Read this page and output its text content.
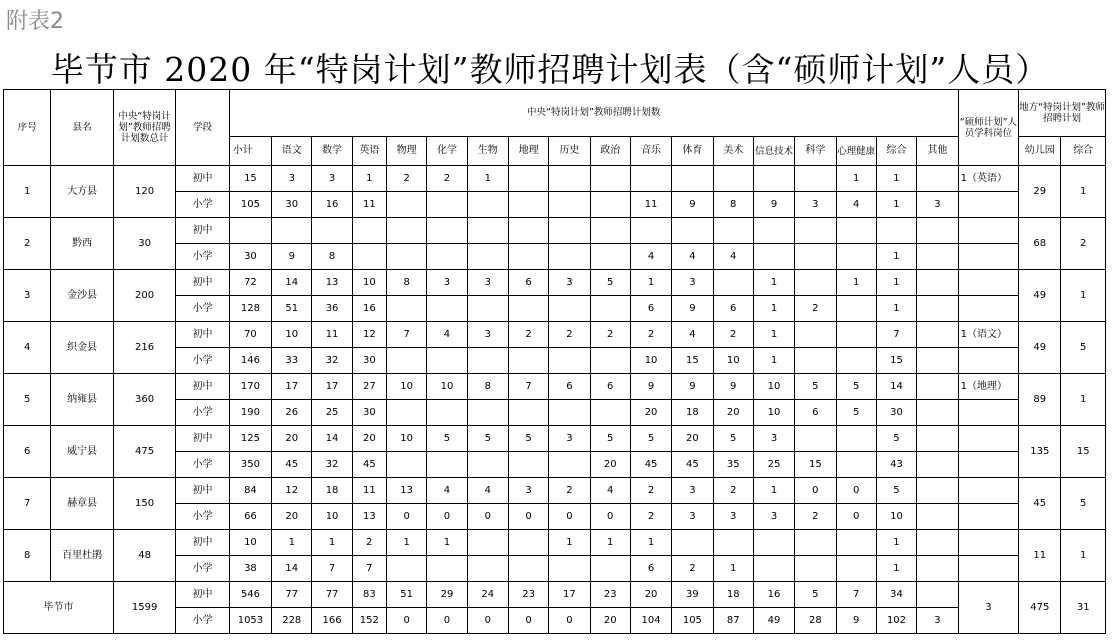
附表2
毕节市 2020 年“特岗计划”教师招聘计划表（含“硕师计划”人员）
序号	县名	中央“特岗计划”教师招聘计划数总计	学段	中央“特岗计划”教师招聘计划数																		“硕师计划”人员学科岗位	地方“特岗计划”教师招聘计划	
				小计	语文	数学	英语	物理	化学	生物	地理	历史	政治	音乐	体育	美术	信息技术	科学	心理健康	综合	其他		幼儿园	综合
1	大方县	120	初中	15	3	3	1	2	2	1									1	1		1（英语）	29	1
			小学	105	30	16	11							11	9	8	9	3	4	1	3			
2	黔西	30	初中																				68	2
			小学	30	9	8								4	4	4				1				
3	金沙县	200	初中	72	14	13	10	8	3	3	6	3	5	1	3		1		1	1			49	1
			小学	128	51	36	16							6	9	6	1	2		1				
4	织金县	216	初中	70	10	11	12	7	4	3	2	2	2	2	4	2	1			7		1（语文）	49	5
			小学	146	33	32	30							10	15	10	1			15				
5	纳雍县	360	初中	170	17	17	27	10	10	8	7	6	6	9	9	9	10	5	5	14		1（地理）	89	1
			小学	190	26	25	30							20	18	20	10	6	5	30				
6	威宁县	475	初中	125	20	14	20	10	5	5	5	3	5	5	20	5	3			5			135	15
			小学	350	45	32	45						20	45	45	35	25	15		43				
7	赫章县	150	初中	84	12	18	11	13	4	4	3	2	4	2	3	2	1	0	0	5			45	5
			小学	66	20	10	13	0	0	0	0	0	0	2	3	3	3	2	0	10				
8	百里杜鹃	48	初中	10	1	1	2	1	1			1	1	1						1			11	1
			小学	38	14	7	7							6	2	1				1				
毕节市		1599	初中	546	77	77	83	51	29	24	23	17	23	20	39	18	16	5	7	34		3	475	31
			小学	1053	228	166	152	0	0	0	0	0	20	104	105	87	49	28	9	102	3			
